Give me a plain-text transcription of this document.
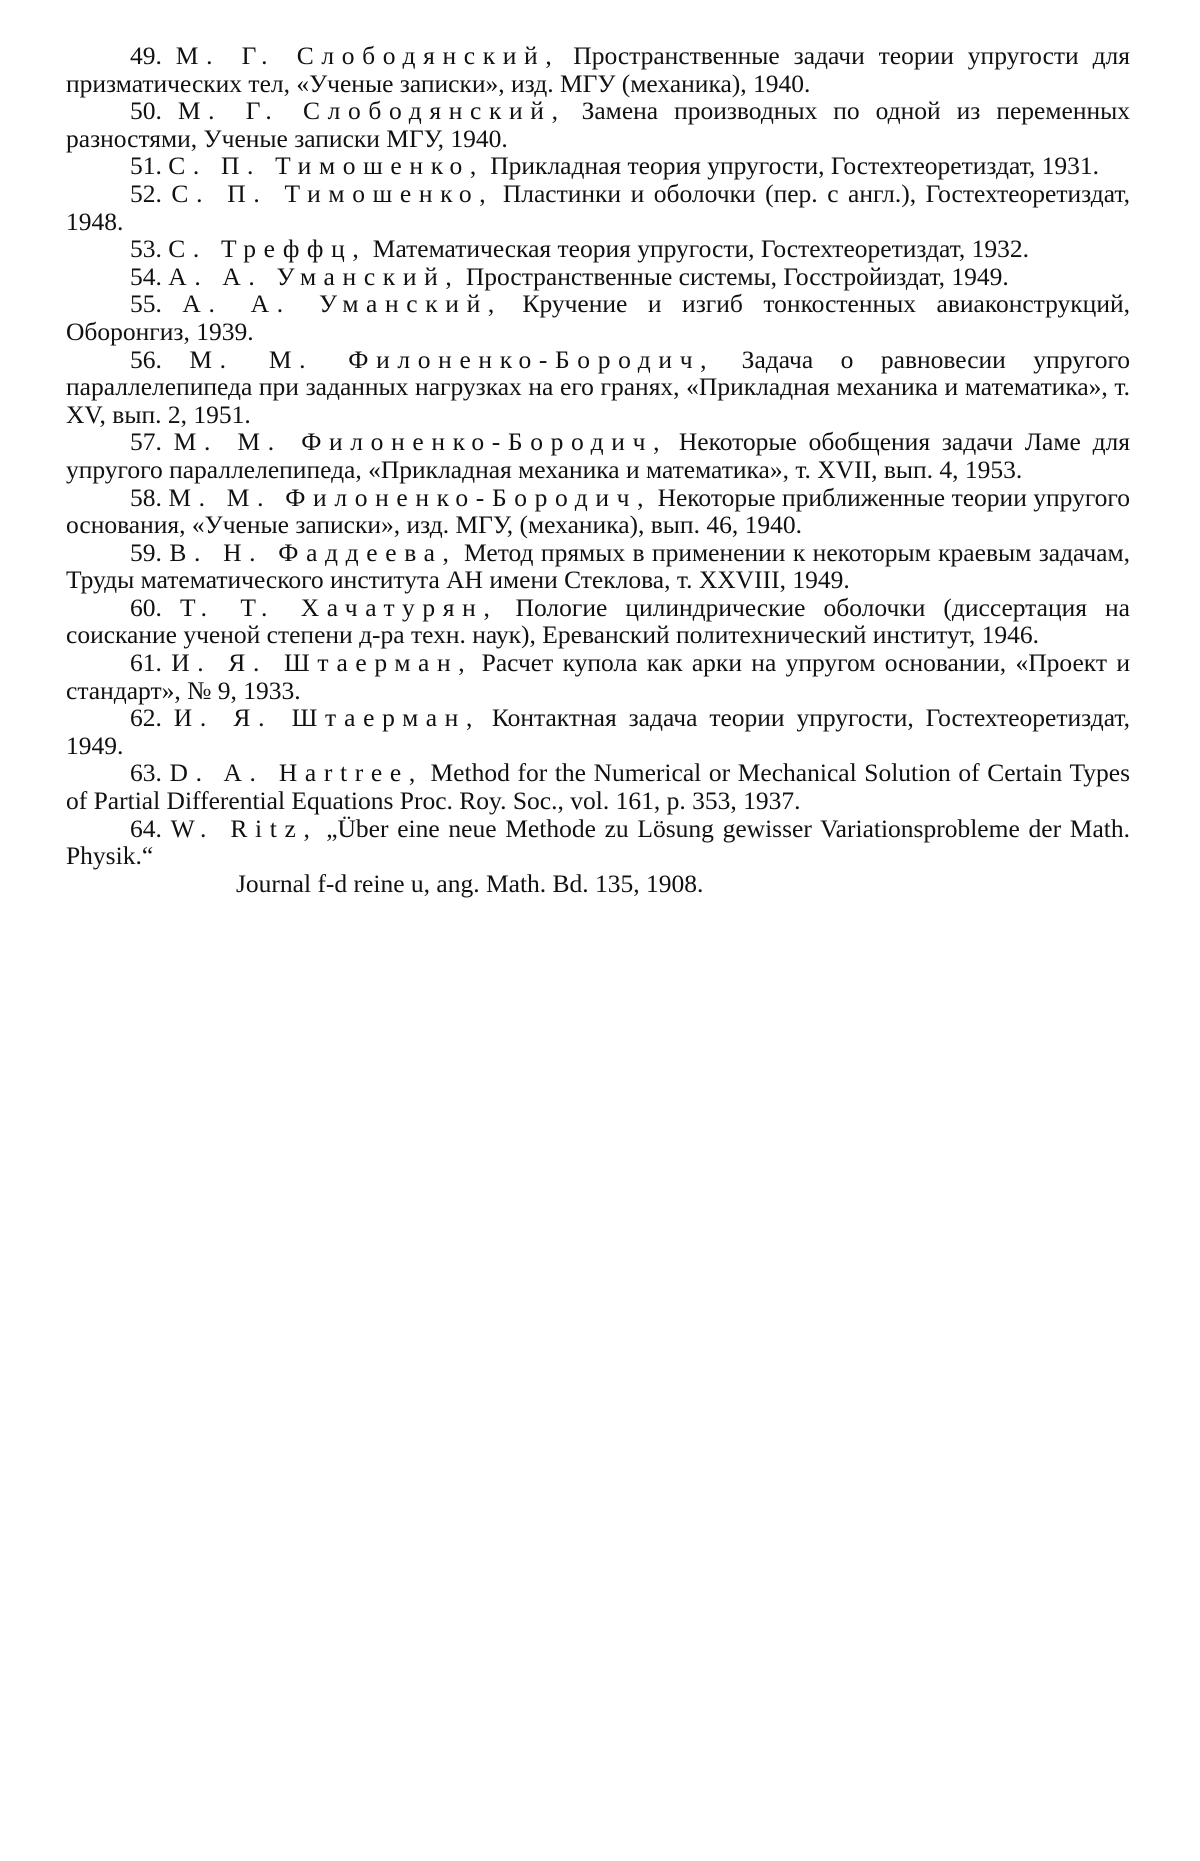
49. М. Г. Слободянский, Пространственные задачи теории упругости для призматических тел, «Ученые записки», изд. МГУ (механика), 1940.

50. М. Г. Слободянский, Замена производных по одной из переменных разностями, Ученые записки МГУ, 1940.

51. С. П. Тимошенко, Прикладная теория упругости, Гостехтеоретиздат, 1931.

52. С. П. Тимошенко, Пластинки и оболочки (пер. с англ.), Гостехтеоретиздат, 1948.

53. С. Треффц, Математическая теория упругости, Гостехтеоретиздат, 1932.

54. А. А. Уманский, Пространственные системы, Госстройиздат, 1949.

55. А. А. Уманский, Кручение и изгиб тонкостенных авиаконструкций, Оборонгиз, 1939.

56. М. М. Филоненко-Бородич, Задача о равновесии упругого параллелепипеда при заданных нагрузках на его гранях, «Прикладная механика и математика», т. XV, вып. 2, 1951.

57. М. М. Филоненко-Бородич, Некоторые обобщения задачи Ламе для упругого параллелепипеда, «Прикладная механика и математика», т. XVII, вып. 4, 1953.

58. М. М. Филоненко-Бородич, Некоторые приближенные теории упругого основания, «Ученые записки», изд. МГУ, (механика), вып. 46, 1940.

59. В. Н. Фаддеева, Метод прямых в применении к некоторым краевым задачам, Труды математического института АН имени Стеклова, т. XXVIII, 1949.

60. Т. Т. Хачатурян, Пологие цилиндрические оболочки (диссертация на соискание ученой степени д-ра техн. наук), Ереванский политехнический институт, 1946.

61. И. Я. Штаерман, Расчет купола как арки на упругом основании, «Проект и стандарт», № 9, 1933.

62. И. Я. Штаерман, Контактная задача теории упругости, Гостехтеоретиздат, 1949.

63. D. A. Hartree, Method for the Numerical or Mechanical Solution of Certain Types of Partial Differential Equations Proc. Roy. Soc., vol. 161, p. 353, 1937.

64. W. Ritz, „Über eine neue Methode zu Lösung gewisser Variationsprobleme der Math. Physik.“

Journal f-d reine u, ang. Math. Bd. 135, 1908.
